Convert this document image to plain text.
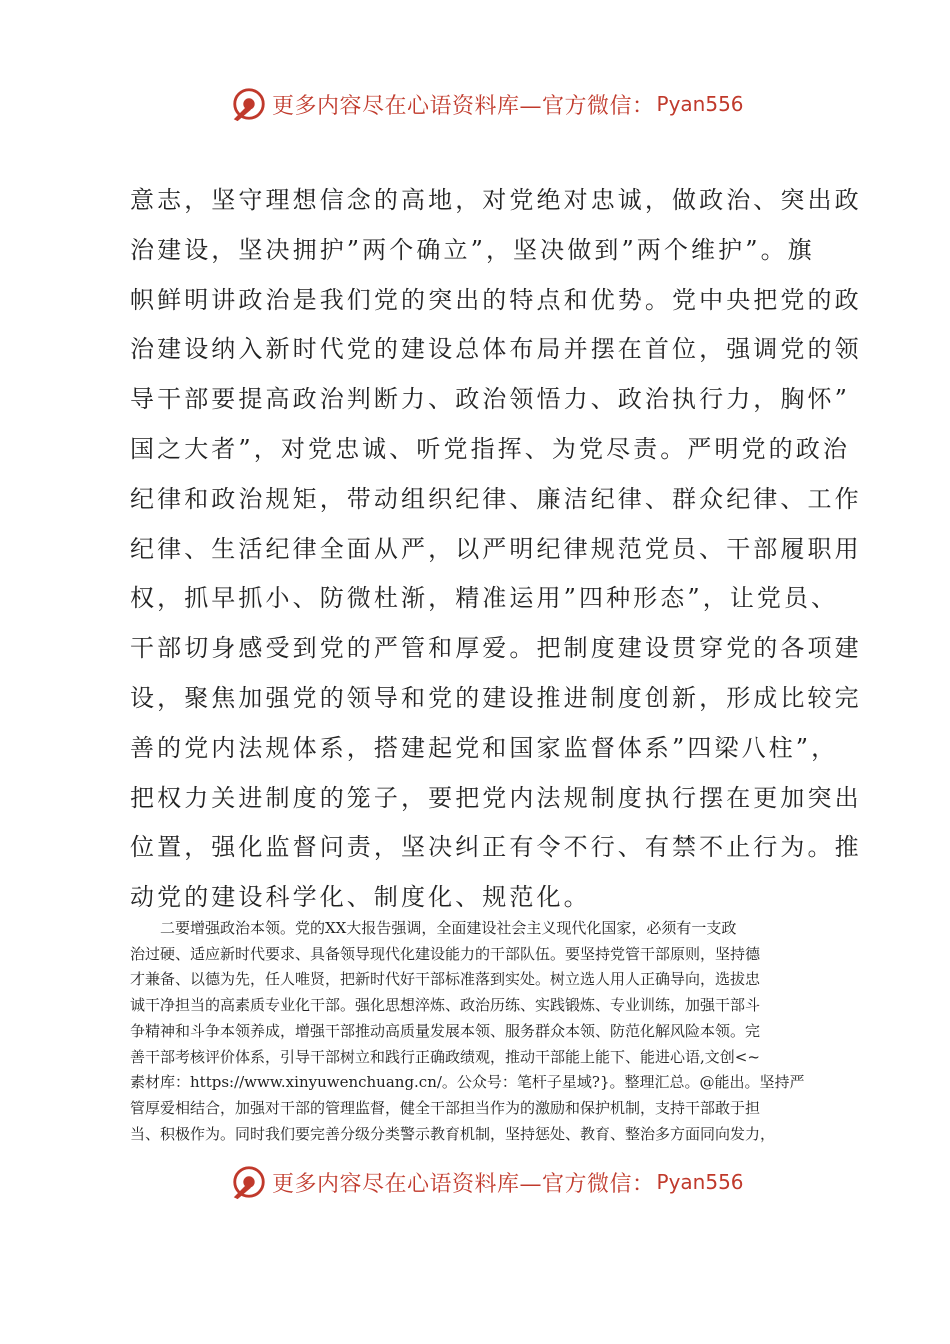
更多内容尽在心语资料库—官方微信： Pyan556
意志，坚守理想信念的高地，对党绝对忠诚，做政治、突出政
治建设，坚决拥护”两个确立”，坚决做到”两个维护”。旗
帜鲜明讲政治是我们党的突出的特点和优势。党中央把党的政
治建设纳入新时代党的建设总体布局并摆在首位，强调党的领
导干部要提高政治判断力、政治领悟力、政治执行力，胸怀”
国之大者”，对党忠诚、听党指挥、为党尽责。严明党的政治
纪律和政治规矩，带动组织纪律、廉洁纪律、群众纪律、工作
纪律、生活纪律全面从严，以严明纪律规范党员、干部履职用
权，抓早抓小、防微杜渐，精准运用”四种形态”，让党员、
干部切身感受到党的严管和厚爱。把制度建设贯穿党的各项建
设，聚焦加强党的领导和党的建设推进制度创新，形成比较完
善的党内法规体系，搭建起党和国家监督体系”四梁八柱”，
把权力关进制度的笼子，要把党内法规制度执行摆在更加突出
位置，强化监督问责，坚决纠正有令不行、有禁不止行为。推
动党的建设科学化、制度化、规范化。
二要增强政治本领。党的XX大报告强调，全面建设社会主义现代化国家，必须有一支政
治过硬、适应新时代要求、具备领导现代化建设能力的干部队伍。要坚持党管干部原则，坚持德
才兼备、以德为先，任人唯贤，把新时代好干部标准落到实处。树立选人用人正确导向，选拔忠
诚干净担当的高素质专业化干部。强化思想淬炼、政治历练、实践锻炼、专业训练，加强干部斗
争精神和斗争本领养成，增强干部推动高质量发展本领、服务群众本领、防范化解风险本领。完
善干部考核评价体系，引导干部树立和践行正确政绩观，推动干部能上能下、能进心语,文创<~
素材库：https://www.xinyuwenchuang.cn/。公众号：笔杆子星域?}。整理汇总。@能出。坚持严
管厚爱相结合，加强对干部的管理监督，健全干部担当作为的激励和保护机制，支持干部敢于担
当、积极作为。同时我们要完善分级分类警示教育机制，坚持惩处、教育、整治多方面同向发力，
更多内容尽在心语资料库—官方微信： Pyan556
